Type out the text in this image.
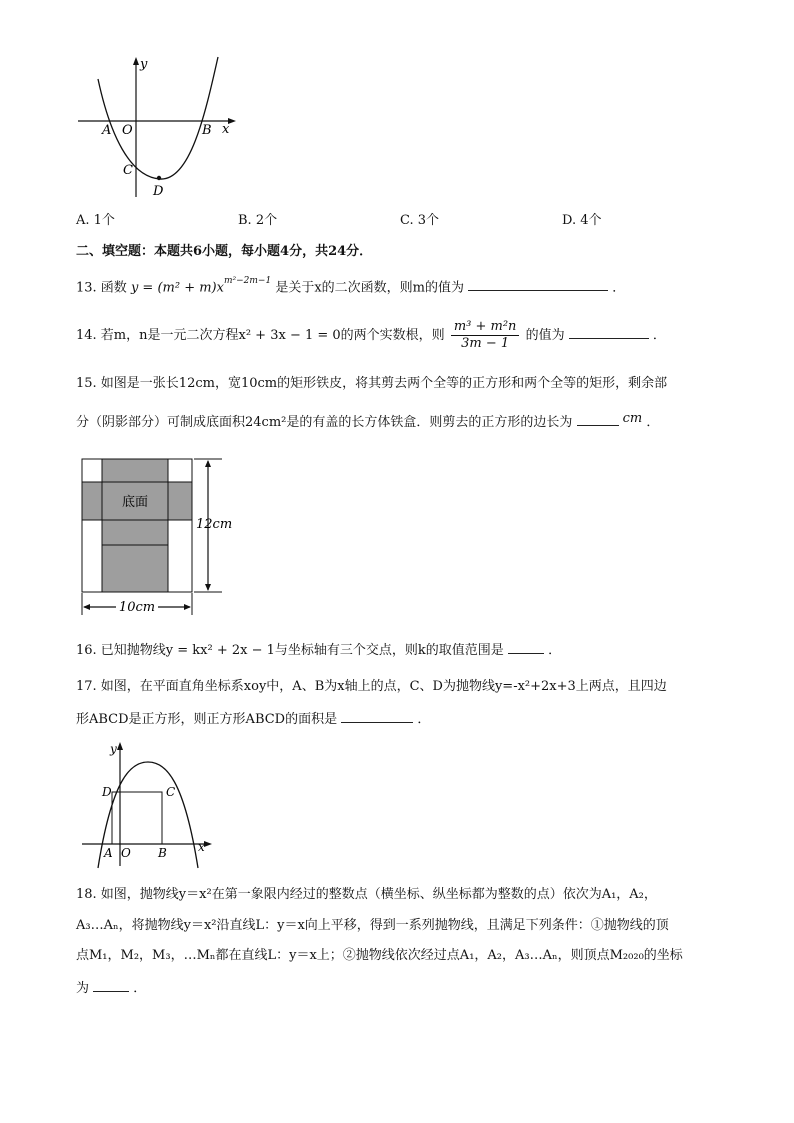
y
x
A O	B
C
D
A. 1个	B. 2个	C. 3个	D. 4个
二、填空题：本题共6小题，每小题4分，共24分．
13. 函数 $y = (m^2 + m)x^{m^2-2m-1}$ 是关于x的二次函数，则m的值为	．
14. 若m，n是一元二次方程x² + 3x − 1 = 0的两个实数根，则 $\frac{\text{m³ + m²n}}{3m - 1}$ 的值为	．
15. 如图是一张长12cm，宽10cm的矩形铁皮，将其剪去两个全等的正方形和两个全等的矩形，剩余部
分（阴影部分）可制成底面积24cm²是的有盖的长方体铁盒．则剪去的正方形的边长为	cm ．
底面
12cm
10cm
16. 已知抛物线y = kx² + 2x − 1与坐标轴有三个交点，则k的取值范围是	．
17. 如图，在平面直角坐标系xoy中，A、B为x轴上的点，C、D为抛物线y=-x²+2x+3上两点，且四边
形ABCD是正方形，则正方形ABCD的面积是	．
y
x
A O B
C
D
18. 如图，抛物线y＝x²在第一象限内经过的整数点（横坐标、纵坐标都为整数的点）依次为A₁，A₂，
A₃…Aₙ，将抛物线y＝x²沿直线L：y＝x向上平移，得到一系列抛物线，且满足下列条件：①抛物线的顶
点M₁，M₂，M₃，…Mₙ都在直线L：y＝x上；②抛物线依次经过点A₁，A₂，A₃…Aₙ，则顶点M₂₀₂₀的坐标
为	．
